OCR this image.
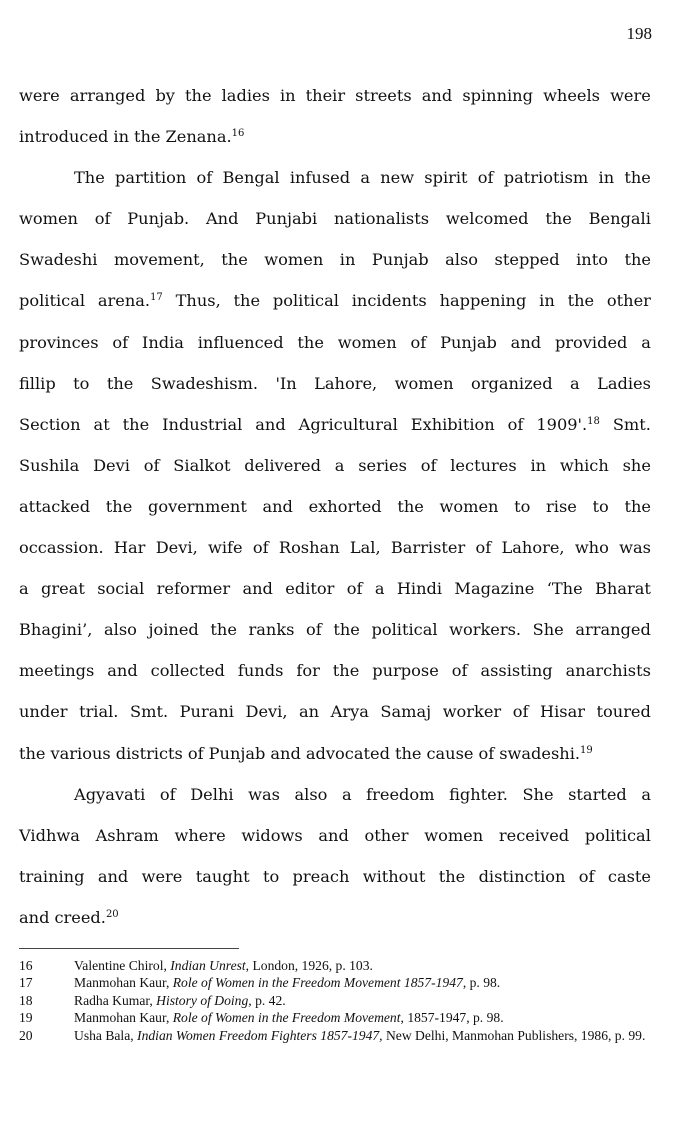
198
were arranged by the ladies in their streets and spinning wheels were
introduced in the Zenana.$^{16}$
The partition of Bengal infused a new spirit of patriotism in the
women of Punjab. And Punjabi nationalists welcomed the Bengali
Swadeshi movement, the women in Punjab also stepped into the
political arena.$^{17}$ Thus, the political incidents happening in the other
provinces of India influenced the women of Punjab and provided a
fillip to the Swadeshism. 'In Lahore, women organized a Ladies
Section at the Industrial and Agricultural Exhibition of 1909'.$^{18}$ Smt.
Sushila Devi of Sialkot delivered a series of lectures in which she
attacked the government and exhorted the women to rise to the
occassion. Har Devi, wife of Roshan Lal, Barrister of Lahore, who was
a great social reformer and editor of a Hindi Magazine ‘The Bharat
Bhagini’, also joined the ranks of the political workers. She arranged
meetings and collected funds for the purpose of assisting anarchists
under trial. Smt. Purani Devi, an Arya Samaj worker of Hisar toured
the various districts of Punjab and advocated the cause of swadeshi.$^{19}$
Agyavati of Delhi was also a freedom fighter. She started a
Vidhwa Ashram where widows and other women received political
training and were taught to preach without the distinction of caste
and creed.$^{20}$
16	Valentine Chirol, Indian Unrest, London, 1926, p. 103.
17	Manmohan Kaur, Role of Women in the Freedom Movement 1857-1947, p. 98.
18	Radha Kumar, History of Doing, p. 42.
19	Manmohan Kaur, Role of Women in the Freedom Movement, 1857-1947, p. 98.
20	Usha Bala, Indian Women Freedom Fighters 1857-1947, New Delhi, Manmohan Publishers, 1986, p. 99.
